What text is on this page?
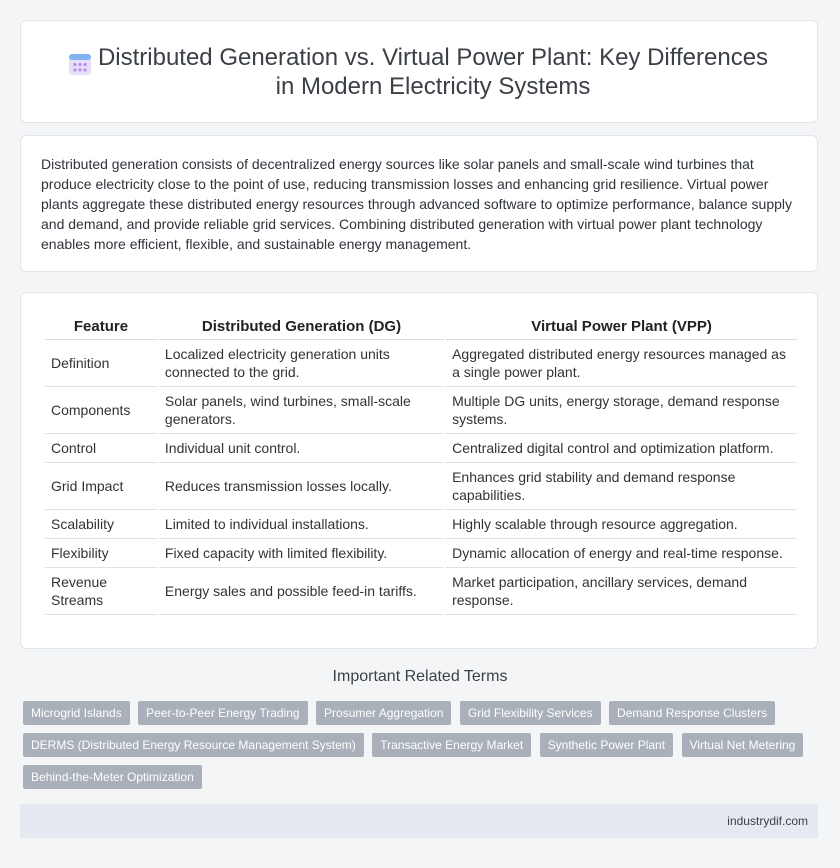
Distributed Generation vs. Virtual Power Plant: Key Differences in Modern Electricity Systems

Distributed generation consists of decentralized energy sources like solar panels and small-scale wind turbines that produce electricity close to the point of use, reducing transmission losses and enhancing grid resilience. Virtual power plants aggregate these distributed energy resources through advanced software to optimize performance, balance supply and demand, and provide reliable grid services. Combining distributed generation with virtual power plant technology enables more efficient, flexible, and sustainable energy management.

Feature	Distributed Generation (DG)	Virtual Power Plant (VPP)
Definition	Localized electricity generation units connected to the grid.	Aggregated distributed energy resources managed as a single power plant.
Components	Solar panels, wind turbines, small-scale generators.	Multiple DG units, energy storage, demand response systems.
Control	Individual unit control.	Centralized digital control and optimization platform.
Grid Impact	Reduces transmission losses locally.	Enhances grid stability and demand response capabilities.
Scalability	Limited to individual installations.	Highly scalable through resource aggregation.
Flexibility	Fixed capacity with limited flexibility.	Dynamic allocation of energy and real-time response.
Revenue Streams	Energy sales and possible feed-in tariffs.	Market participation, ancillary services, demand response.
Important Related Terms
Microgrid Islands Peer-to-Peer Energy Trading Prosumer Aggregation Grid Flexibility Services Demand Response Clusters DERMS (Distributed Energy Resource Management System) Transactive Energy Market Synthetic Power Plant Virtual Net Metering Behind-the-Meter Optimization
industrydif.com
